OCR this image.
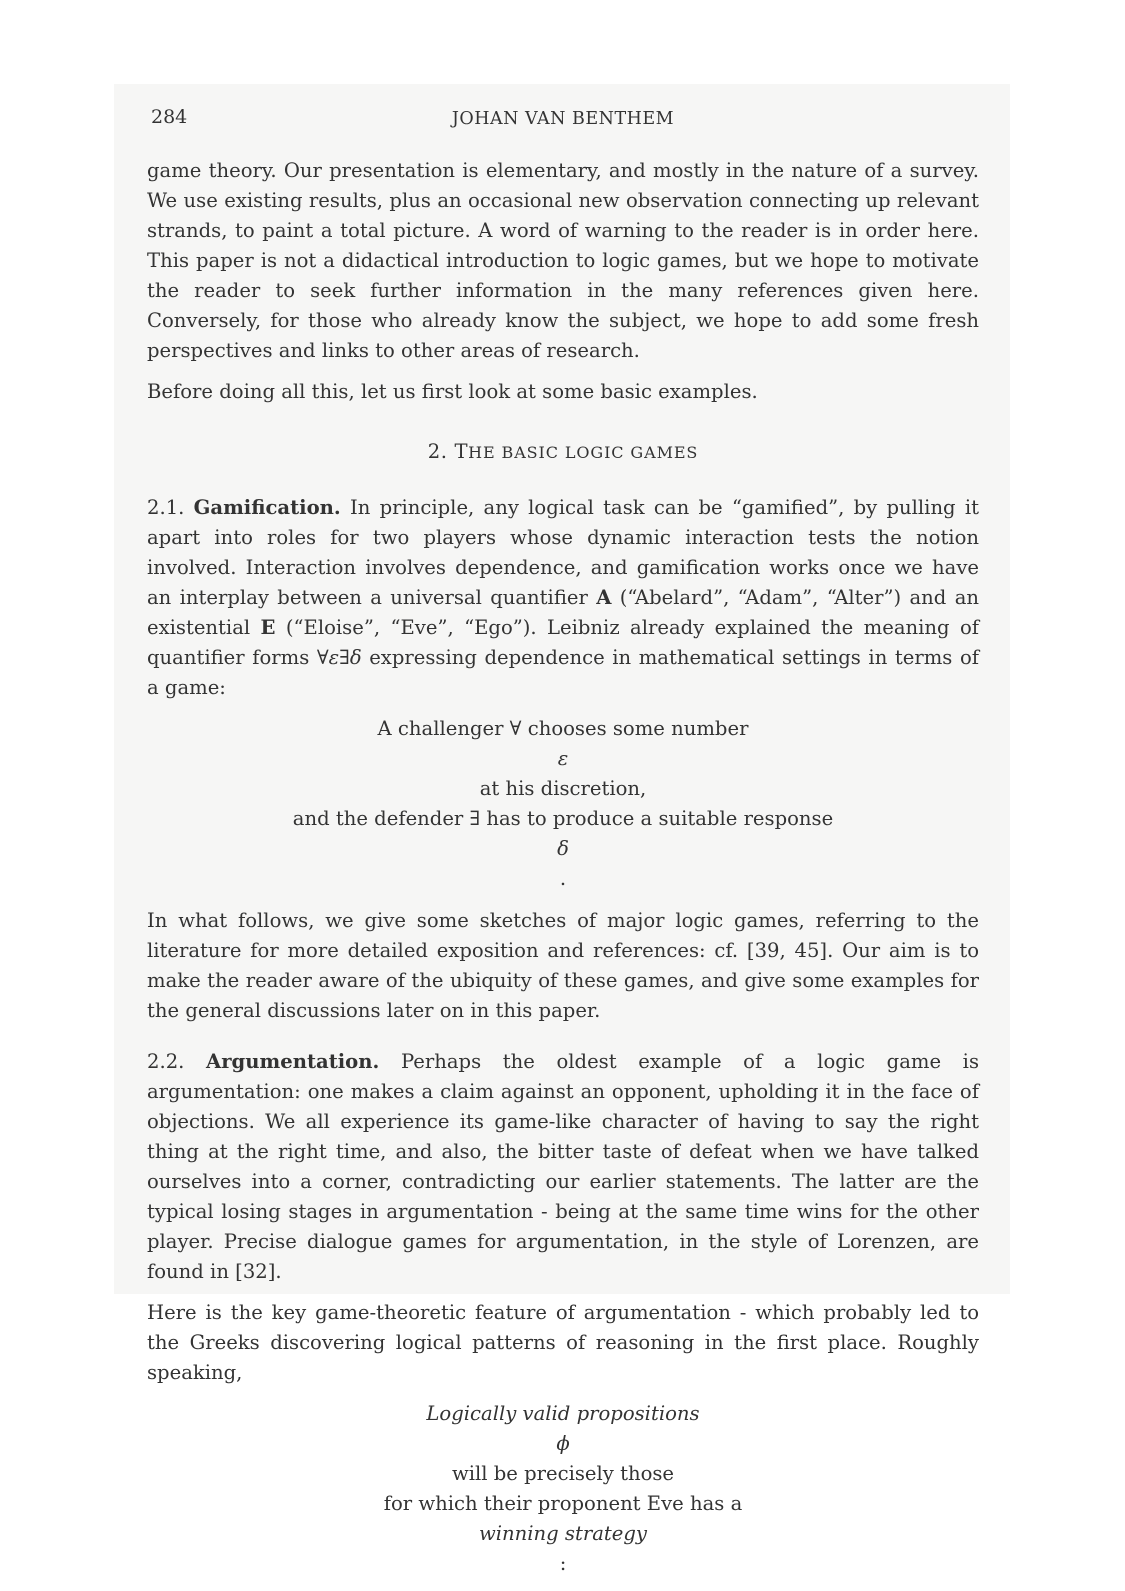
284	JOHAN VAN BENTHEM

game theory. Our presentation is elementary, and mostly in the nature of a survey. We use existing results, plus an occasional new observation connecting up relevant strands, to paint a total picture. A word of warning to the reader is in order here. This paper is not a didactical introduction to logic games, but we hope to motivate the reader to seek further information in the many references given here. Conversely, for those who already know the subject, we hope to add some fresh perspectives and links to other areas of research.

Before doing all this, let us first look at some basic examples.

2. THE BASIC LOGIC GAMES

2.1. Gamification. In principle, any logical task can be “gamified”, by pulling it apart into roles for two players whose dynamic interaction tests the notion involved. Interaction involves dependence, and gamification works once we have an interplay between a universal quantifier A (“Abelard”, “Adam”, “Alter”) and an existential E (“Eloise”, “Eve”, “Ego”). Leibniz already explained the meaning of quantifier forms ∀ε∃δ expressing dependence in mathematical settings in terms of a game:

A challenger ∀ chooses some number
ε
at his discretion,
and the defender ∃ has to produce a suitable response
δ
.

In what follows, we give some sketches of major logic games, referring to the literature for more detailed exposition and references: cf. [39, 45]. Our aim is to make the reader aware of the ubiquity of these games, and give some examples for the general discussions later on in this paper.

2.2. Argumentation. Perhaps the oldest example of a logic game is argumentation: one makes a claim against an opponent, upholding it in the face of objections. We all experience its game-like character of having to say the right thing at the right time, and also, the bitter taste of defeat when we have talked ourselves into a corner, contradicting our earlier statements. The latter are the typical losing stages in argumentation - being at the same time wins for the other player. Precise dialogue games for argumentation, in the style of Lorenzen, are found in [32].

Here is the key game-theoretic feature of argumentation - which probably led to the Greeks discovering logical patterns of reasoning in the first place. Roughly speaking,

Logically valid propositions
ϕ
will be precisely those
for which their proponent Eve has a
winning strategy
:
